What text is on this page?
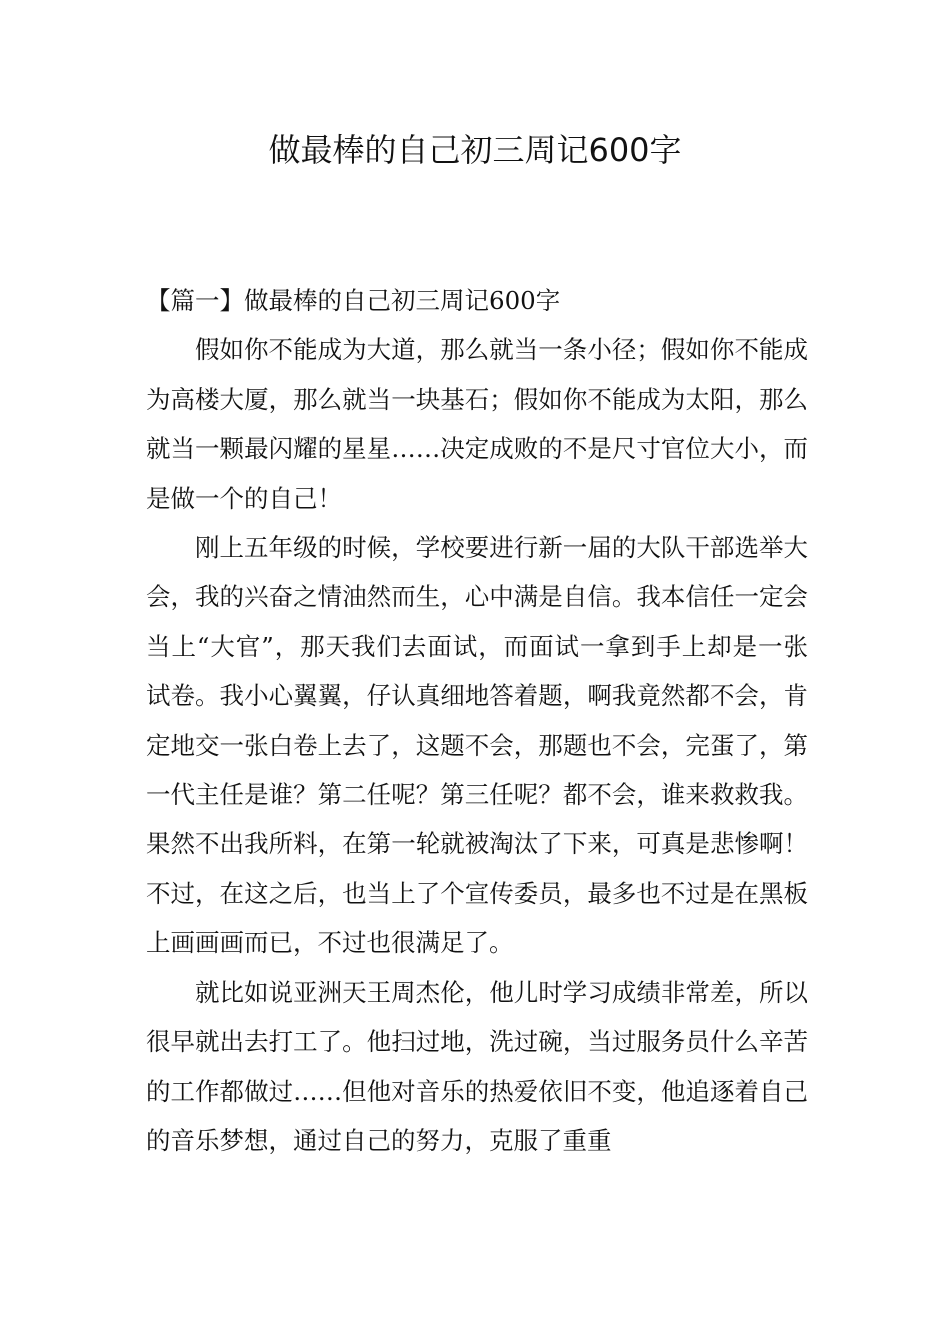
做最棒的自己初三周记600字

【篇一】做最棒的自己初三周记600字

假如你不能成为大道，那么就当一条小径；假如你不能成为高楼大厦，那么就当一块基石；假如你不能成为太阳，那么就当一颗最闪耀的星星……决定成败的不是尺寸官位大小，而是做一个的自己！

刚上五年级的时候，学校要进行新一届的大队干部选举大会，我的兴奋之情油然而生，心中满是自信。我本信任一定会当上“大官”，那天我们去面试，而面试一拿到手上却是一张试卷。我小心翼翼，仔认真细地答着题，啊我竟然都不会，肯定地交一张白卷上去了，这题不会，那题也不会，完蛋了，第一代主任是谁？第二任呢？第三任呢？都不会，谁来救救我。果然不出我所料，在第一轮就被淘汰了下来，可真是悲惨啊！不过，在这之后，也当上了个宣传委员，最多也不过是在黑板上画画画而已，不过也很满足了。

就比如说亚洲天王周杰伦，他儿时学习成绩非常差，所以很早就出去打工了。他扫过地，洗过碗，当过服务员什么辛苦的工作都做过……但他对音乐的热爱依旧不变，他追逐着自己的音乐梦想，通过自己的努力，克服了重重
